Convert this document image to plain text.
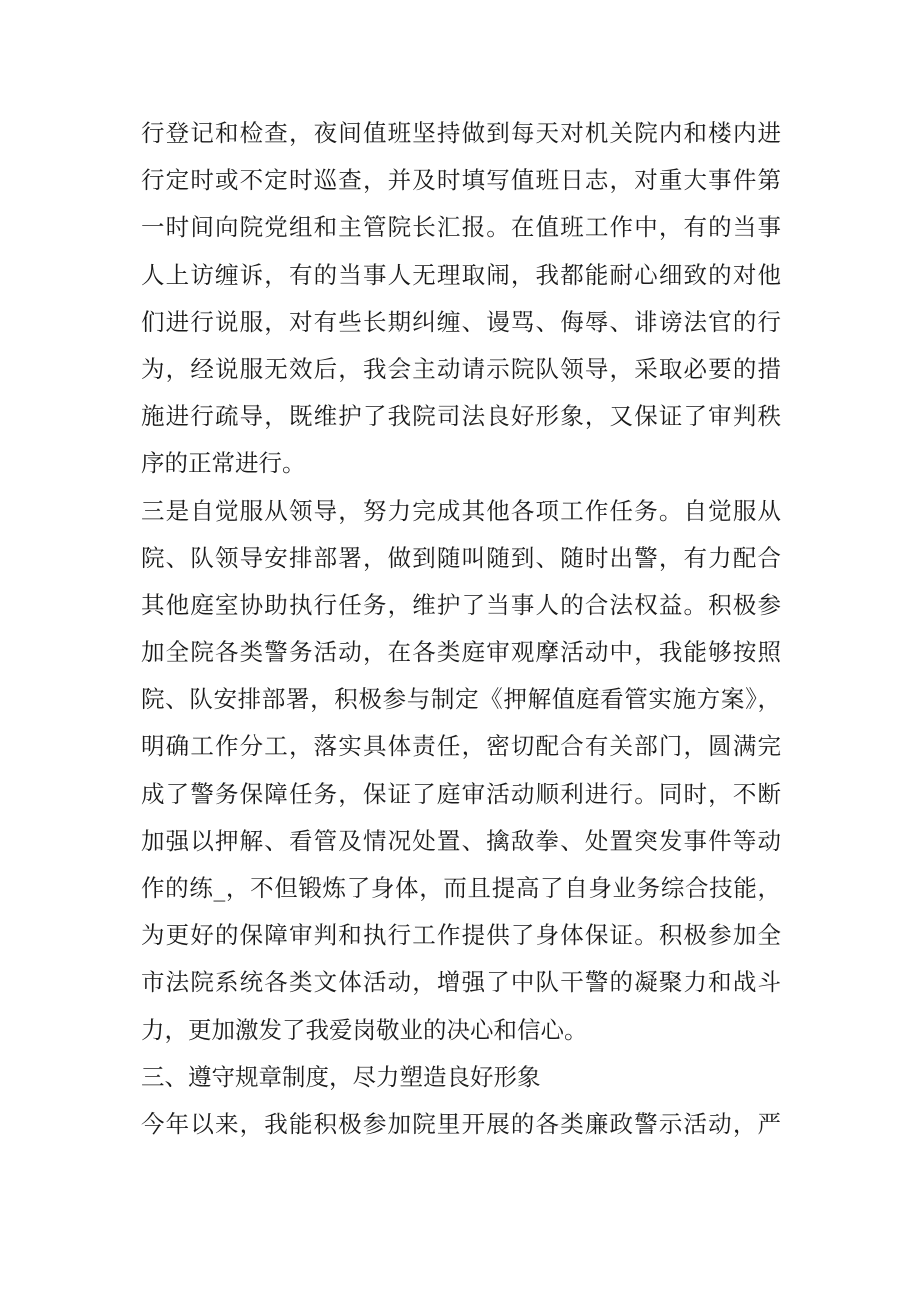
行登记和检查，夜间值班坚持做到每天对机关院内和楼内进
行定时或不定时巡查，并及时填写值班日志，对重大事件第
一时间向院党组和主管院长汇报。在值班工作中，有的当事
人上访缠诉，有的当事人无理取闹，我都能耐心细致的对他
们进行说服，对有些长期纠缠、谩骂、侮辱、诽谤法官的行
为，经说服无效后，我会主动请示院队领导，采取必要的措
施进行疏导，既维护了我院司法良好形象，又保证了审判秩
序的正常进行。
三是自觉服从领导，努力完成其他各项工作任务。自觉服从
院、队领导安排部署，做到随叫随到、随时出警，有力配合
其他庭室协助执行任务，维护了当事人的合法权益。积极参
加全院各类警务活动，在各类庭审观摩活动中，我能够按照
院、队安排部署，积极参与制定《押解值庭看管实施方案》，
明确工作分工，落实具体责任，密切配合有关部门，圆满完
成了警务保障任务，保证了庭审活动顺利进行。同时，不断
加强以押解、看管及情况处置、擒敌拳、处置突发事件等动
作的练_，不但锻炼了身体，而且提高了自身业务综合技能，
为更好的保障审判和执行工作提供了身体保证。积极参加全
市法院系统各类文体活动，增强了中队干警的凝聚力和战斗
力，更加激发了我爱岗敬业的决心和信心。
三、遵守规章制度，尽力塑造良好形象
今年以来，我能积极参加院里开展的各类廉政警示活动，严
